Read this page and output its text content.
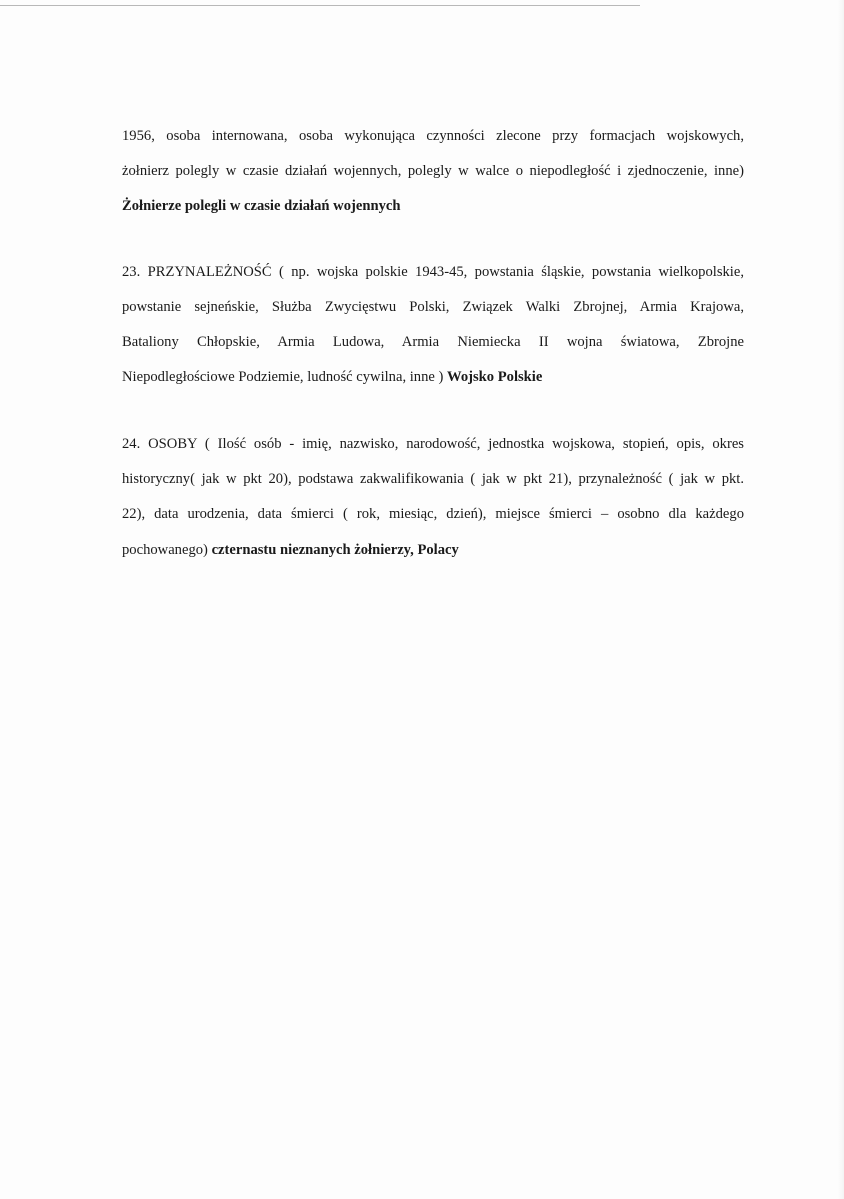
1956, osoba internowana, osoba wykonująca czynności zlecone przy formacjach wojskowych,
żołnierz polegly w czasie działań wojennych, polegly w walce o niepodległość i zjednoczenie, inne)
Żołnierze polegli w czasie działań wojennych
23. PRZYNALEŻNOŚĆ ( np. wojska polskie 1943-45, powstania śląskie, powstania wielkopolskie,
powstanie sejneńskie, Służba Zwycięstwu Polski, Związek Walki Zbrojnej, Armia Krajowa,
Bataliony Chłopskie, Armia Ludowa, Armia Niemiecka II wojna światowa, Zbrojne
Niepodległościowe Podziemie, ludność cywilna, inne ) Wojsko Polskie
24. OSOBY ( Ilość osób - imię, nazwisko, narodowość, jednostka wojskowa, stopień, opis, okres
historyczny( jak w pkt 20), podstawa zakwalifikowania ( jak w pkt 21), przynależność ( jak w pkt.
22), data urodzenia, data śmierci ( rok, miesiąc, dzień), miejsce śmierci – osobno dla każdego
pochowanego) czternastu nieznanych żołnierzy, Polacy
